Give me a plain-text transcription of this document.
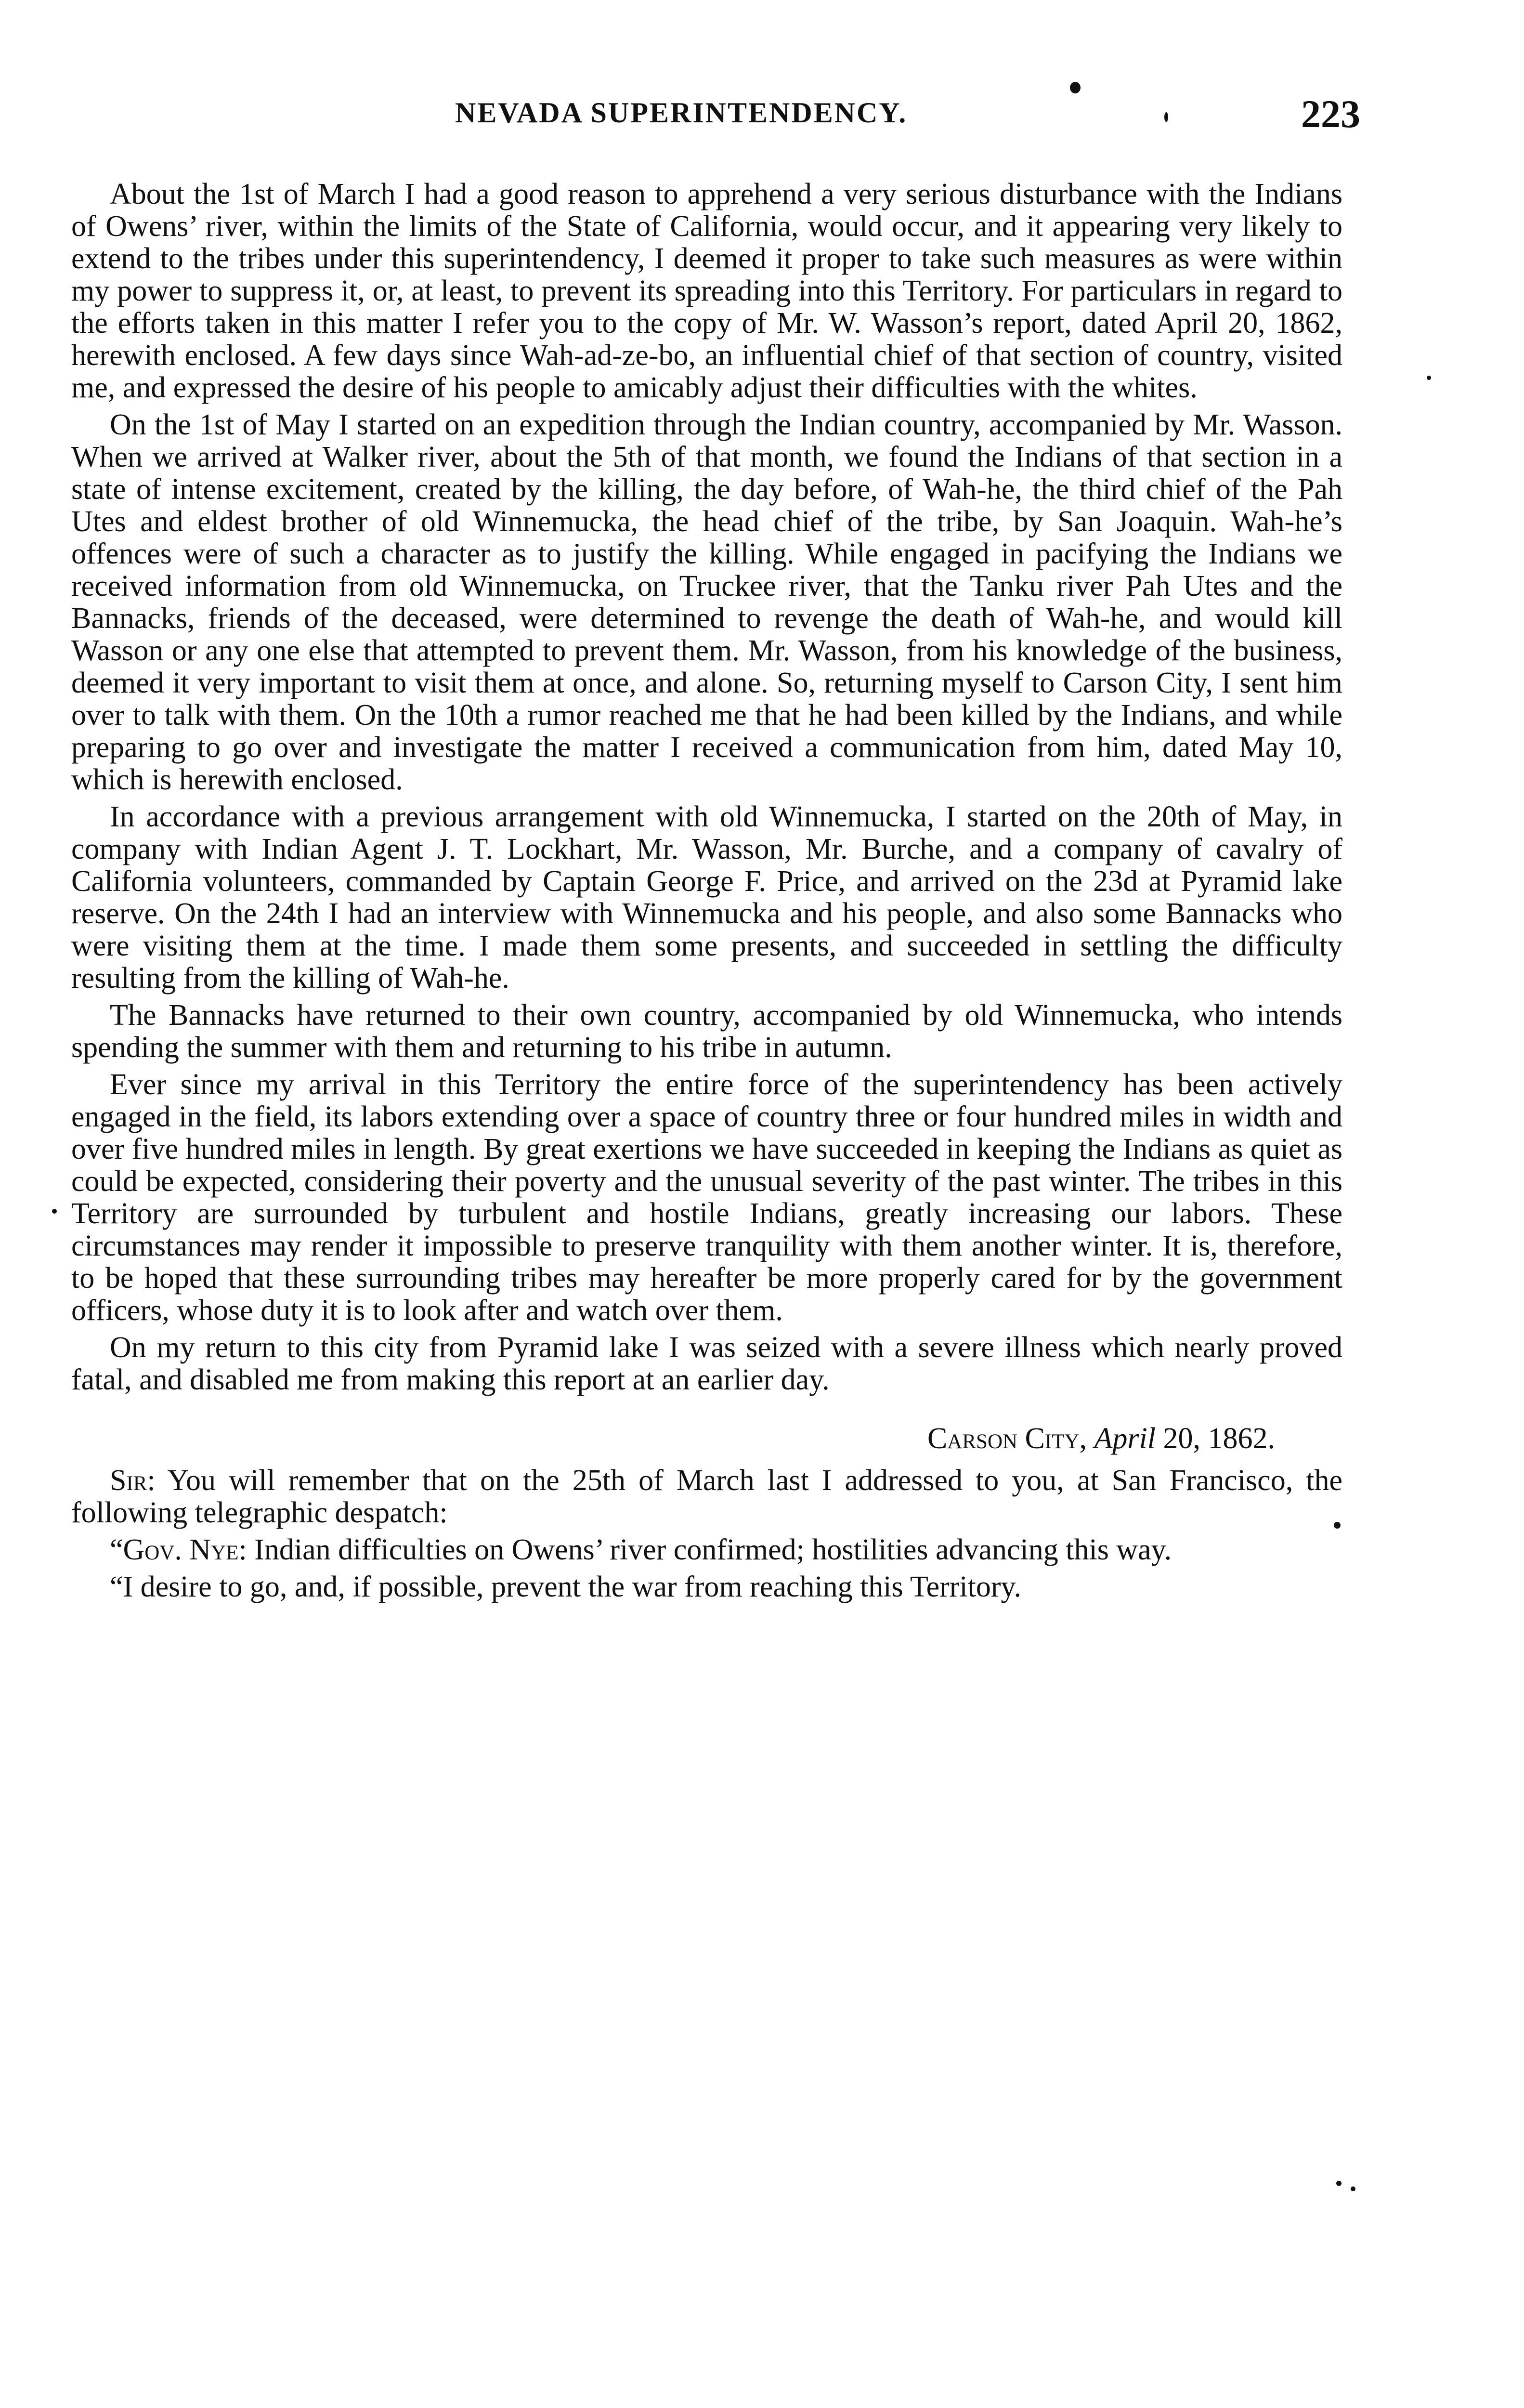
NEVADA SUPERINTENDENCY.	223

About the 1st of March I had a good reason to apprehend a very serious disturbance with the Indians of Owens’ river, within the limits of the State of California, would occur, and it appearing very likely to extend to the tribes under this superintendency, I deemed it proper to take such measures as were within my power to suppress it, or, at least, to prevent its spreading into this Territory. For particulars in regard to the efforts taken in this matter I refer you to the copy of Mr. W. Wasson’s report, dated April 20, 1862, herewith enclosed. A few days since Wah-ad-ze-bo, an influential chief of that section of country, visited me, and expressed the desire of his people to amicably adjust their difficulties with the whites.

On the 1st of May I started on an expedition through the Indian country, accompanied by Mr. Wasson. When we arrived at Walker river, about the 5th of that month, we found the Indians of that section in a state of intense excitement, created by the killing, the day before, of Wah-he, the third chief of the Pah Utes and eldest brother of old Winnemucka, the head chief of the tribe, by San Joaquin. Wah-he’s offences were of such a character as to justify the killing. While engaged in pacifying the Indians we received information from old Winnemucka, on Truckee river, that the Tanku river Pah Utes and the Bannacks, friends of the deceased, were determined to revenge the death of Wah-he, and would kill Wasson or any one else that attempted to prevent them. Mr. Wasson, from his knowledge of the business, deemed it very important to visit them at once, and alone. So, returning myself to Carson City, I sent him over to talk with them. On the 10th a rumor reached me that he had been killed by the Indians, and while preparing to go over and investigate the matter I received a communication from him, dated May 10, which is herewith enclosed.

In accordance with a previous arrangement with old Winnemucka, I started on the 20th of May, in company with Indian Agent J. T. Lockhart, Mr. Wasson, Mr. Burche, and a company of cavalry of California volunteers, commanded by Captain George F. Price, and arrived on the 23d at Pyramid lake reserve. On the 24th I had an interview with Winnemucka and his people, and also some Bannacks who were visiting them at the time. I made them some presents, and succeeded in settling the difficulty resulting from the killing of Wah-he.

The Bannacks have returned to their own country, accompanied by old Winnemucka, who intends spending the summer with them and returning to his tribe in autumn.

Ever since my arrival in this Territory the entire force of the superintendency has been actively engaged in the field, its labors extending over a space of country three or four hundred miles in width and over five hundred miles in length. By great exertions we have succeeded in keeping the Indians as quiet as could be expected, considering their poverty and the unusual severity of the past winter. The tribes in this Territory are surrounded by turbulent and hostile Indians, greatly increasing our labors. These circumstances may render it impossible to preserve tranquility with them another winter. It is, therefore, to be hoped that these surrounding tribes may hereafter be more properly cared for by the government officers, whose duty it is to look after and watch over them.

On my return to this city from Pyramid lake I was seized with a severe illness which nearly proved fatal, and disabled me from making this report at an earlier day.

Carson City, April 20, 1862.

Sir: You will remember that on the 25th of March last I addressed to you, at San Francisco, the following telegraphic despatch:

“Gov. Nye: Indian difficulties on Owens’ river confirmed; hostilities advancing this way.

“I desire to go, and, if possible, prevent the war from reaching this Territory.
